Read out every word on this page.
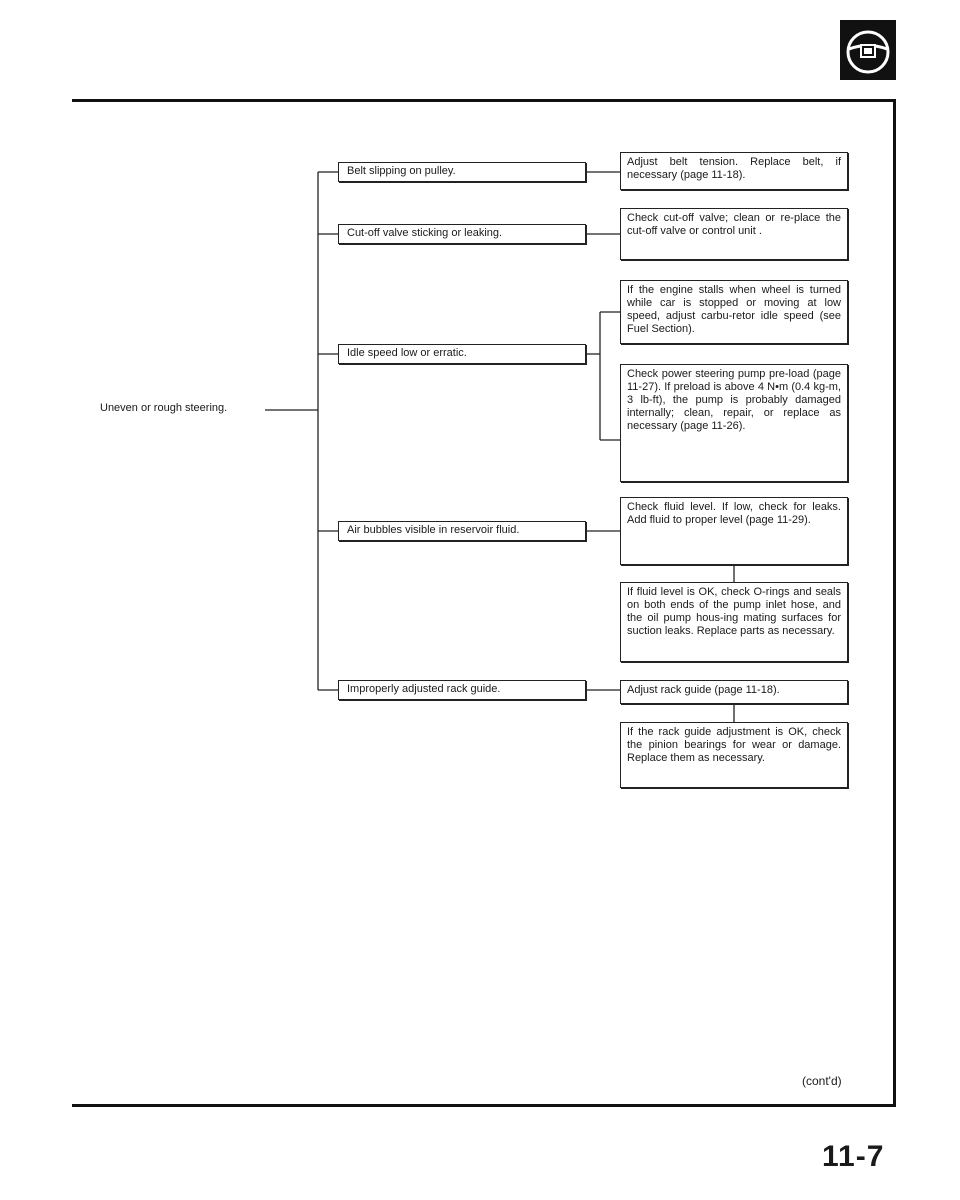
Uneven or rough steering.
Belt slipping on pulley.
Cut-off valve sticking or leaking.
Idle speed low or erratic.
Air bubbles visible in reservoir fluid.
Improperly adjusted rack guide.
Adjust belt tension. Replace belt, if necessary (page 11-18).
Check cut-off valve; clean or re-place the cut-off valve or control unit .
If the engine stalls when wheel is turned while car is stopped or moving at low speed, adjust carbu-retor idle speed (see Fuel Section).
Check power steering pump pre-load (page 11-27). If preload is above 4 N•m (0.4 kg-m, 3 lb-ft), the pump is probably damaged internally; clean, repair, or replace as necessary (page 11-26).
Check fluid level. If low, check for leaks. Add fluid to proper level (page 11-29).
If fluid level is OK, check O-rings and seals on both ends of the pump inlet hose, and the oil pump hous-ing mating surfaces for suction leaks. Replace parts as necessary.
Adjust rack guide (page 11-18).
If the rack guide adjustment is OK, check the pinion bearings for wear or damage. Replace them as necessary.
(cont'd)
11-7
